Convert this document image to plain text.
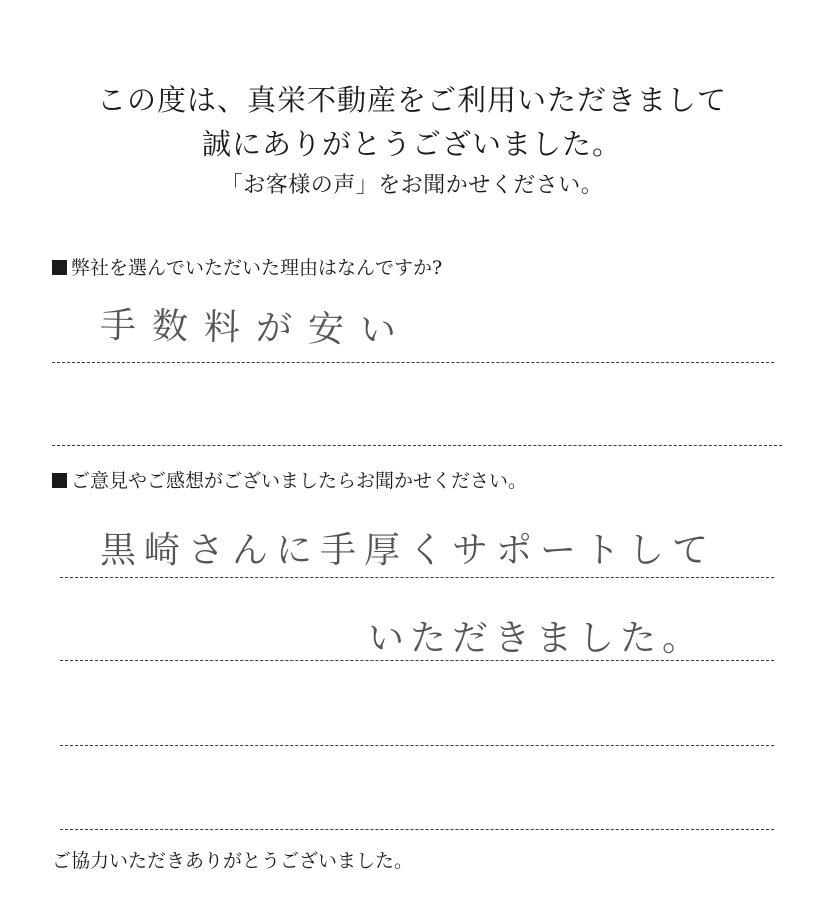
この度は、真栄不動産をご利用いただきまして
誠にありがとうございました。
「お客様の声」をお聞かせください。
弊社を選んでいただいた理由はなんですか?
手数料が安い
ご意見やご感想がございましたらお聞かせください。
黒崎さんに手厚くサポートして
いただきました。
ご協力いただきありがとうございました。
